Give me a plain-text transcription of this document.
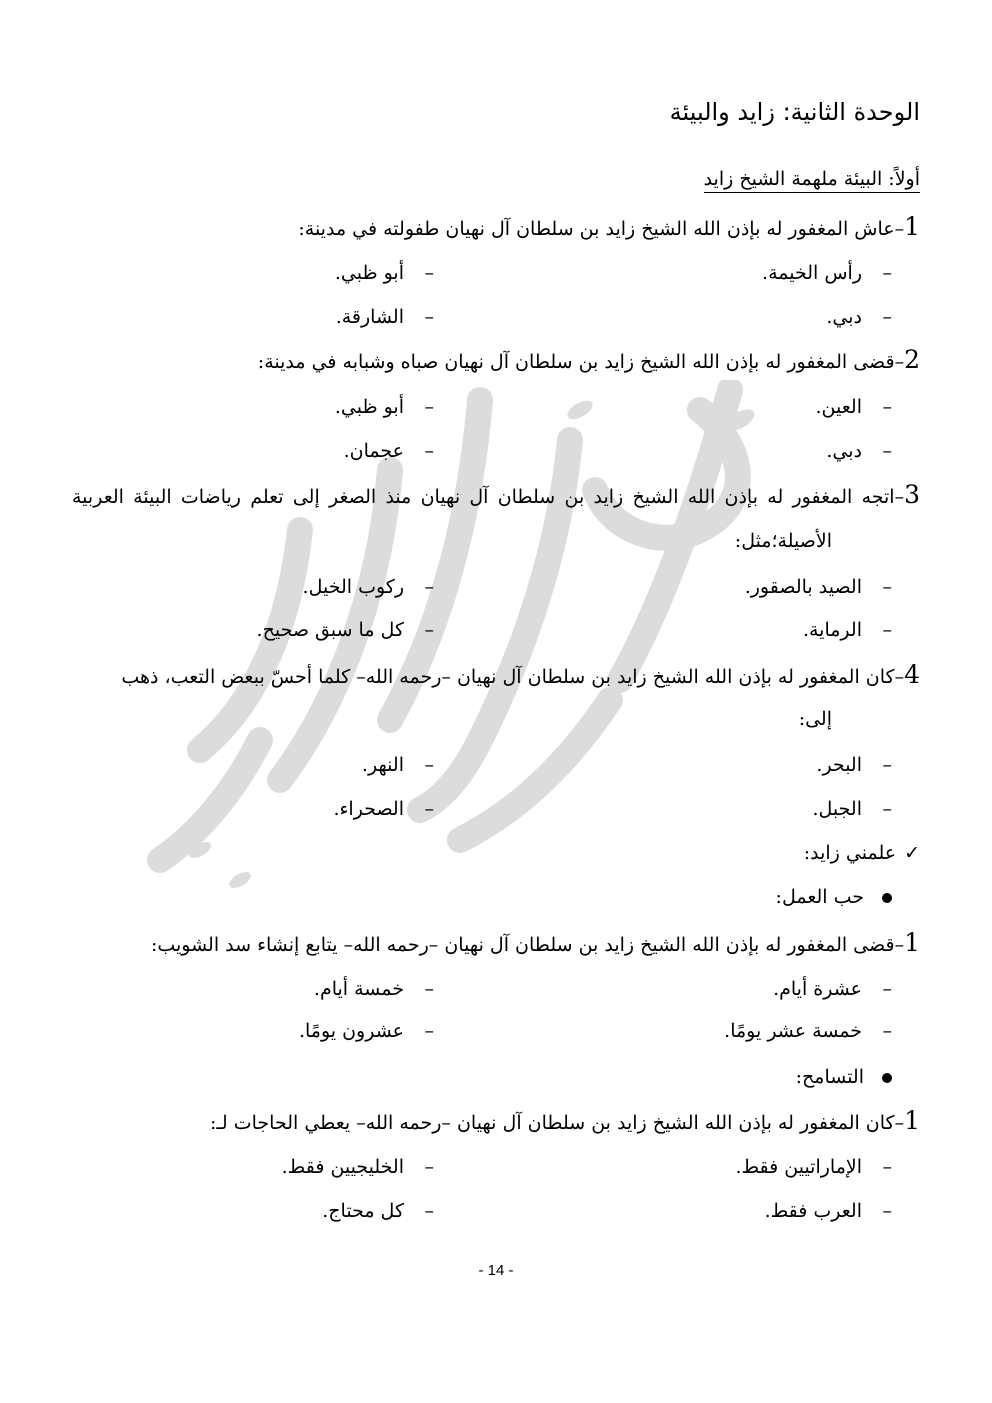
الوحدة الثانية: زايد والبيئة
أولاً: البيئة ملهمة الشيخ زايد
1–عاش المغفور له بإذن الله الشيخ زايد بن سلطان آل نهيان طفولته في مدينة:
–رأس الخيمة.
–أبو ظبي.
–دبي.
–الشارقة.
2–قضى المغفور له بإذن الله الشيخ زايد بن سلطان آل نهيان صباه وشبابه في مدينة:
–العين.
–أبو ظبي.
–دبي.
–عجمان.
3–اتجه المغفور له بإذن الله الشيخ زايد بن سلطان آل نهيان منذ الصغر إلى تعلم رياضات البيئة العربية
الأصيلة؛مثل:
–الصيد بالصقور.
–ركوب الخيل.
–الرماية.
–كل ما سبق صحيح.
4–كان المغفور له بإذن الله الشيخ زايد بن سلطان آل نهيان –رحمه الله– كلما أحسّ ببعض التعب، ذهب
إلى:
–البحر.
–النهر.
–الجبل.
–الصحراء.
✓علمني زايد:
حب العمل:
1–قضى المغفور له بإذن الله الشيخ زايد بن سلطان آل نهيان –رحمه الله– يتابع إنشاء سد الشويب:
–عشرة أيام.
–خمسة أيام.
–خمسة عشر يومًا.
–عشرون يومًا.
التسامح:
1–كان المغفور له بإذن الله الشيخ زايد بن سلطان آل نهيان –رحمه الله– يعطي الحاجات لـ:
–الإماراتيين فقط.
–الخليجيين فقط.
–العرب فقط.
–كل محتاج.
- 14 -
